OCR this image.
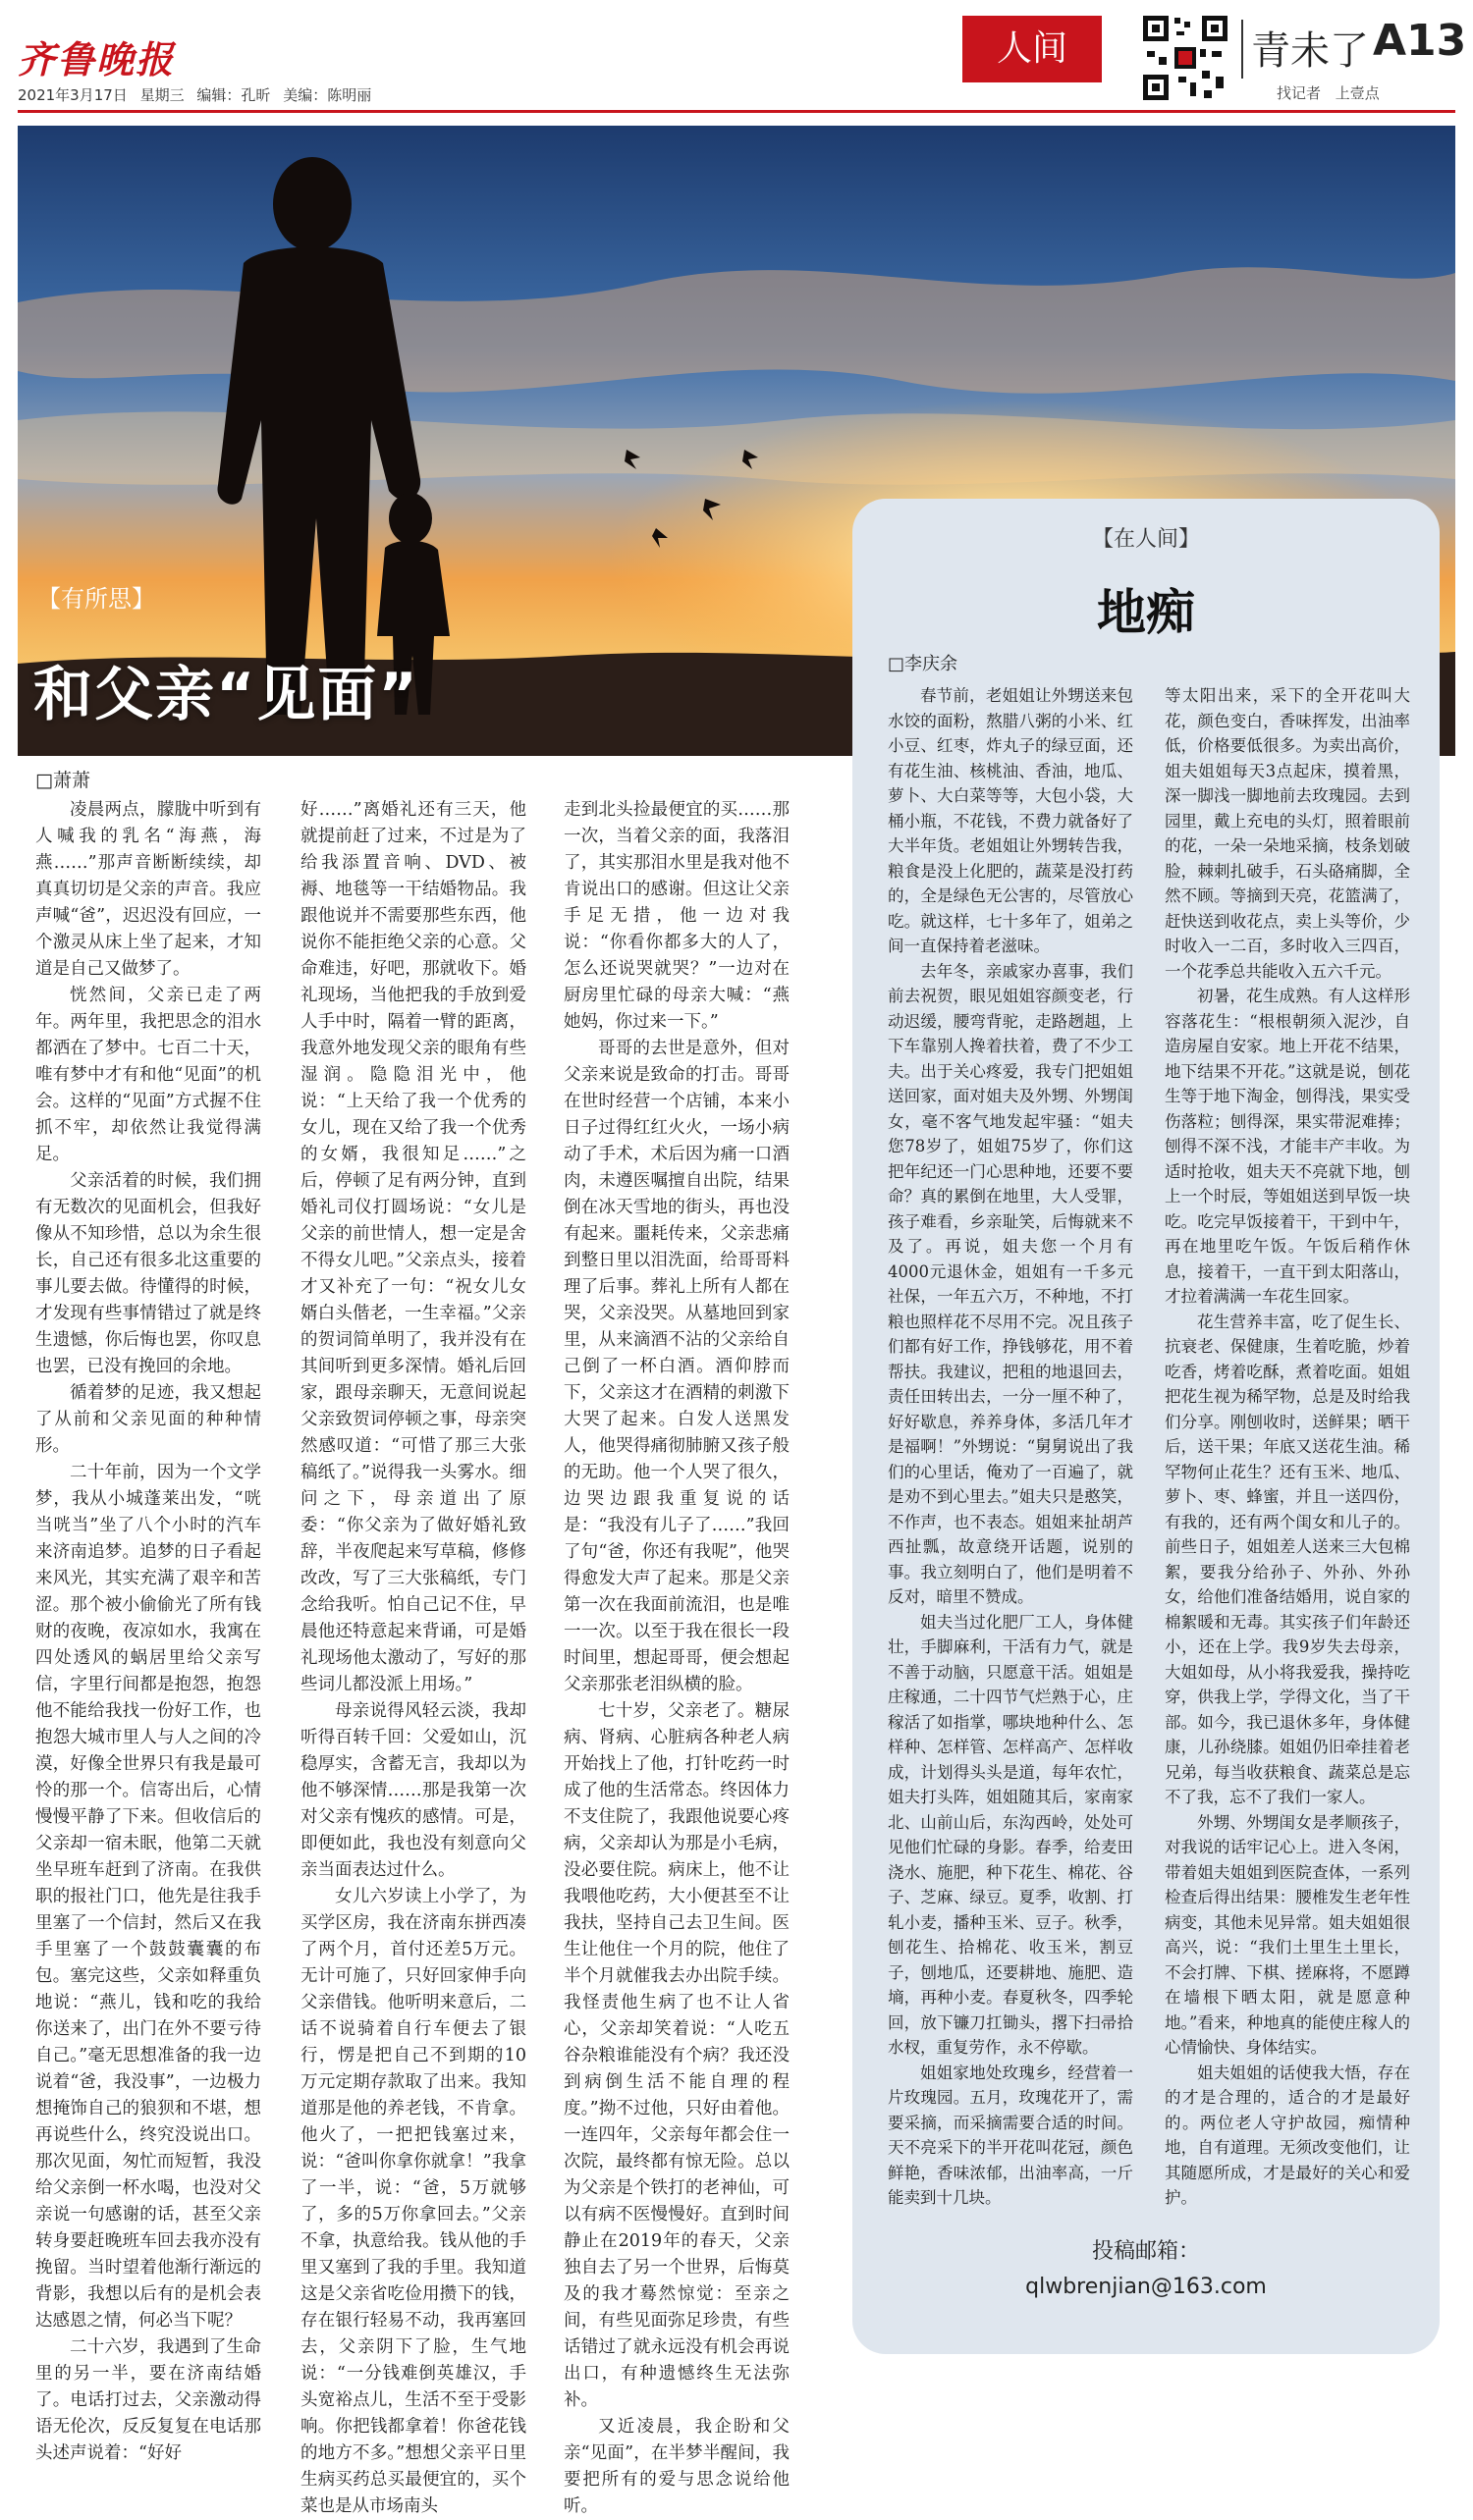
齐鲁晚报
2021年3月17日 星期三 编辑：孔昕 美编：陈明丽
人间	青未了 A13
找记者 上壹点
【有所思】
和父亲“见面”
□萧萧

凌晨两点，朦胧中听到有人喊我的乳名“海燕，海燕……”那声音断断续续，却真真切切是父亲的声音。我应声喊“爸”，迟迟没有回应，一个激灵从床上坐了起来，才知道是自己又做梦了。

恍然间，父亲已走了两年。两年里，我把思念的泪水都洒在了梦中。七百二十天，唯有梦中才有和他“见面”的机会。这样的“见面”方式握不住抓不牢，却依然让我觉得满足。

父亲活着的时候，我们拥有无数次的见面机会，但我好像从不知珍惜，总以为余生很长，自己还有很多北这重要的事儿要去做。待懂得的时候，才发现有些事情错过了就是终生遗憾，你后悔也罢，你叹息也罢，已没有挽回的余地。

循着梦的足迹，我又想起了从前和父亲见面的种种情形。

二十年前，因为一个文学梦，我从小城蓬莱出发，“咣当咣当”坐了八个小时的汽车来济南追梦。追梦的日子看起来风光，其实充满了艰辛和苦涩。那个被小偷偷光了所有钱财的夜晚，夜凉如水，我寓在四处透风的蜗居里给父亲写信，字里行间都是抱怨，抱怨他不能给我找一份好工作，也抱怨大城市里人与人之间的冷漠，好像全世界只有我是最可怜的那一个。信寄出后，心情慢慢平静了下来。但收信后的父亲却一宿未眠，他第二天就坐早班车赶到了济南。在我供职的报社门口，他先是往我手里塞了一个信封，然后又在我手里塞了一个鼓鼓囊囊的布包。塞完这些，父亲如释重负地说：“燕儿，钱和吃的我给你送来了，出门在外不要亏待自己。”毫无思想准备的我一边说着“爸，我没事”，一边极力想掩饰自己的狼狈和不堪，想再说些什么，终究没说出口。那次见面，匆忙而短暂，我没给父亲倒一杯水喝，也没对父亲说一句感谢的话，甚至父亲转身要赶晚班车回去我亦没有挽留。当时望着他渐行渐远的背影，我想以后有的是机会表达感恩之情，何必当下呢？

二十六岁，我遇到了生命里的另一半，要在济南结婚了。电话打过去，父亲激动得语无伦次，反反复复在电话那头述声说着：“好好

好……”离婚礼还有三天，他就提前赶了过来，不过是为了给我添置音响、DVD、被褥、地毯等一干结婚物品。我跟他说并不需要那些东西，他说你不能拒绝父亲的心意。父命难违，好吧，那就收下。婚礼现场，当他把我的手放到爱人手中时，隔着一臂的距离，我意外地发现父亲的眼角有些湿润。隐隐泪光中，他说：“上天给了我一个优秀的女儿，现在又给了我一个优秀的女婿，我很知足……”之后，停顿了足有两分钟，直到婚礼司仪打圆场说：“女儿是父亲的前世情人，想一定是舍不得女儿吧。”父亲点头，接着才又补充了一句：“祝女儿女婿白头偕老，一生幸福。”父亲的贺词简单明了，我并没有在其间听到更多深情。婚礼后回家，跟母亲聊天，无意间说起父亲致贺词停顿之事，母亲突然感叹道：“可惜了那三大张稿纸了。”说得我一头雾水。细问之下，母亲道出了原委：“你父亲为了做好婚礼致辞，半夜爬起来写草稿，修修改改，写了三大张稿纸，专门念给我听。怕自己记不住，早晨他还特意起来背诵，可是婚礼现场他太激动了，写好的那些词儿都没派上用场。”

母亲说得风轻云淡，我却听得百转千回：父爱如山，沉稳厚实，含蓄无言，我却以为他不够深情……那是我第一次对父亲有愧疚的感情。可是，即便如此，我也没有刻意向父亲当面表达过什么。

女儿六岁读上小学了，为买学区房，我在济南东拼西凑了两个月，首付还差5万元。无计可施了，只好回家伸手向父亲借钱。他听明来意后，二话不说骑着自行车便去了银行，愣是把自己不到期的10万元定期存款取了出来。我知道那是他的养老钱，不肯拿。他火了，一把把钱塞过来，说：“爸叫你拿你就拿！”我拿了一半，说：“爸，5万就够了，多的5万你拿回去。”父亲不拿，执意给我。钱从他的手里又塞到了我的手里。我知道这是父亲省吃俭用攒下的钱，存在银行轻易不动，我再塞回去，父亲阴下了脸，生气地说：“一分钱难倒英雄汉，手头宽裕点儿，生活不至于受影响。你把钱都拿着！你爸花钱的地方不多。”想想父亲平日里生病买药总买最便宜的，买个菜也是从市场南头

走到北头捡最便宜的买……那一次，当着父亲的面，我落泪了，其实那泪水里是我对他不肯说出口的感谢。但这让父亲手足无措，他一边对我说：“你看你都多大的人了，怎么还说哭就哭？”一边对在厨房里忙碌的母亲大喊：“燕她妈，你过来一下。”

哥哥的去世是意外，但对父亲来说是致命的打击。哥哥在世时经营一个店铺，本来小日子过得红红火火，一场小病动了手术，术后因为痛一口酒肉，未遵医嘱擅自出院，结果倒在冰天雪地的街头，再也没有起来。噩耗传来，父亲悲痛到整日里以泪洗面，给哥哥料理了后事。葬礼上所有人都在哭，父亲没哭。从墓地回到家里，从来滴酒不沾的父亲给自己倒了一杯白酒。酒仰脖而下，父亲这才在酒精的刺激下大哭了起来。白发人送黑发人，他哭得痛彻肺腑又孩子般的无助。他一个人哭了很久，边哭边跟我重复说的话是：“我没有儿子了……”我回了句“爸，你还有我呢”，他哭得愈发大声了起来。那是父亲第一次在我面前流泪，也是唯一一次。以至于我在很长一段时间里，想起哥哥，便会想起父亲那张老泪纵横的脸。

七十岁，父亲老了。糖尿病、肾病、心脏病各种老人病开始找上了他，打针吃药一时成了他的生活常态。终因体力不支住院了，我跟他说要心疼病，父亲却认为那是小毛病，没必要住院。病床上，他不让我喂他吃药，大小便甚至不让我扶，坚持自己去卫生间。医生让他住一个月的院，他住了半个月就催我去办出院手续。我怪责他生病了也不让人省心，父亲却笑着说：“人吃五谷杂粮谁能没有个病？我还没到病倒生活不能自理的程度。”拗不过他，只好由着他。一连四年，父亲每年都会住一次院，最终都有惊无险。总以为父亲是个铁打的老神仙，可以有病不医慢慢好。直到时间静止在2019年的春天，父亲独自去了另一个世界，后悔莫及的我才蓦然惊觉：至亲之间，有些见面弥足珍贵，有些话错过了就永远没有机会再说出口，有种遗憾终生无法弥补。

又近凌晨，我企盼和父亲“见面”，在半梦半醒间，我要把所有的爱与思念说给他听。

【在人间】
地痴
□李庆余

春节前，老姐姐让外甥送来包水饺的面粉，熬腊八粥的小米、红小豆、红枣，炸丸子的绿豆面，还有花生油、核桃油、香油，地瓜、萝卜、大白菜等等，大包小袋，大桶小瓶，不花钱，不费力就备好了大半年货。老姐姐让外甥转告我，粮食是没上化肥的，蔬菜是没打药的，全是绿色无公害的，尽管放心吃。就这样，七十多年了，姐弟之间一直保持着老滋味。

去年冬，亲戚家办喜事，我们前去祝贺，眼见姐姐容颜变老，行动迟缓，腰弯背驼，走路趔趄，上下车靠别人搀着扶着，费了不少工夫。出于关心疼爱，我专门把姐姐送回家，面对姐夫及外甥、外甥闺女，毫不客气地发起牢骚：“姐夫您78岁了，姐姐75岁了，你们这把年纪还一门心思种地，还要不要命？真的累倒在地里，大人受罪，孩子难看，乡亲耻笑，后悔就来不及了。再说，姐夫您一个月有4000元退休金，姐姐有一千多元社保，一年五六万，不种地，不打粮也照样花不尽用不完。况且孩子们都有好工作，挣钱够花，用不着帮扶。我建议，把租的地退回去，责任田转出去，一分一厘不种了，好好歇息，养养身体，多活几年才是福啊！”外甥说：“舅舅说出了我们的心里话，俺劝了一百遍了，就是劝不到心里去。”姐夫只是憨笑，不作声，也不表态。姐姐来扯胡芦西扯瓢，故意绕开话题，说别的事。我立刻明白了，他们是明着不反对，暗里不赞成。

姐夫当过化肥厂工人，身体健壮，手脚麻利，干活有力气，就是不善于动脑，只愿意干活。姐姐是庄稼通，二十四节气烂熟于心，庄稼活了如指掌，哪块地种什么、怎样种、怎样管、怎样高产、怎样收成，计划得头头是道，每年农忙，姐夫打头阵，姐姐随其后，家南家北、山前山后，东沟西岭，处处可见他们忙碌的身影。春季，给麦田浇水、施肥，种下花生、棉花、谷子、芝麻、绿豆。夏季，收割、打轧小麦，播种玉米、豆子。秋季，刨花生、拾棉花、收玉米，割豆子，刨地瓜，还要耕地、施肥、造墒，再种小麦。春夏秋冬，四季轮回，放下镰刀扛锄头，撂下扫帚拾水杈，重复劳作，永不停歇。

姐姐家地处玫瑰乡，经营着一片玫瑰园。五月，玫瑰花开了，需要采摘，而采摘需要合适的时间。天不亮采下的半开花叫花冠，颜色鲜艳，香味浓郁，出油率高，一斤能卖到十几块。

等太阳出来，采下的全开花叫大花，颜色变白，香味挥发，出油率低，价格要低很多。为卖出高价，姐夫姐姐每天3点起床，摸着黑，深一脚浅一脚地前去玫瑰园。去到园里，戴上充电的头灯，照着眼前的花，一朵一朵地采摘，枝条划破脸，棘刺扎破手，石头硌痛脚，全然不顾。等摘到天亮，花篮满了，赶快送到收花点，卖上头等价，少时收入一二百，多时收入三四百，一个花季总共能收入五六千元。

初暑，花生成熟。有人这样形容落花生：“根根朝须入泥沙，自造房屋自安家。地上开花不结果，地下结果不开花。”这就是说，刨花生等于地下淘金，刨得浅，果实受伤落粒；刨得深，果实带泥难捧；刨得不深不浅，才能丰产丰收。为适时抢收，姐夫天不亮就下地，刨上一个时辰，等姐姐送到早饭一块吃。吃完早饭接着干，干到中午，再在地里吃午饭。午饭后稍作休息，接着干，一直干到太阳落山，才拉着满满一车花生回家。

花生营养丰富，吃了促生长、抗衰老、保健康，生着吃脆，炒着吃香，烤着吃酥，煮着吃面。姐姐把花生视为稀罕物，总是及时给我们分享。刚刨收时，送鲜果；晒干后，送干果；年底又送花生油。稀罕物何止花生？还有玉米、地瓜、萝卜、枣、蜂蜜，并且一送四份，有我的，还有两个闺女和儿子的。前些日子，姐姐差人送来三大包棉絮，要我分给孙子、外孙、外孙女，给他们准备结婚用，说自家的棉絮暖和无毒。其实孩子们年龄还小，还在上学。我9岁失去母亲，大姐如母，从小将我爱我，操持吃穿，供我上学，学得文化，当了干部。如今，我已退休多年，身体健康，儿孙绕膝。姐姐仍旧牵挂着老兄弟，每当收获粮食、蔬菜总是忘不了我，忘不了我们一家人。

外甥、外甥闺女是孝顺孩子，对我说的话牢记心上。进入冬闲，带着姐夫姐姐到医院查体，一系列检查后得出结果：腰椎发生老年性病变，其他未见异常。姐夫姐姐很高兴，说：“我们土里生土里长，不会打牌、下棋、搓麻将，不愿蹲在墙根下晒太阳，就是愿意种地。”看来，种地真的能使庄稼人的心情愉快、身体结实。

姐夫姐姐的话使我大悟，存在的才是合理的，适合的才是最好的。两位老人守护故园，痴情种地，自有道理。无须改变他们，让其随愿所成，才是最好的关心和爱护。

投稿邮箱：
qlwbrenjian@163.com
